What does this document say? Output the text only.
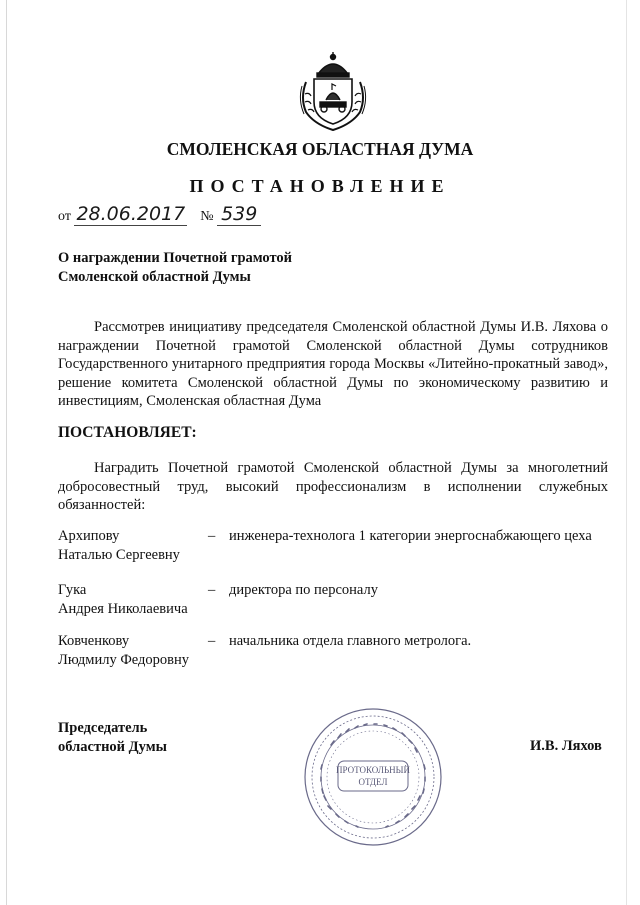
СМОЛЕНСКАЯ ОБЛАСТНАЯ ДУМА
ПОСТАНОВЛЕНИЕ
от 28.06.2017 № 539
О награждении Почетной грамотой
Смоленской областной Думы
Рассмотрев инициативу председателя Смоленской областной Думы И.В. Ляхова о награждении Почетной грамотой Смоленской областной Думы сотрудников Государственного унитарного предприятия города Москвы «Литейно-прокатный завод», решение комитета Смоленской областной Думы по экономическому развитию и инвестициям, Смоленская областная Дума
ПОСТАНОВЛЯЕТ:
Наградить Почетной грамотой Смоленской областной Думы за многолетний добросовестный труд, высокий профессионализм в исполнении служебных обязанностей:
Архипову
Наталью Сергеевну
– инженера-технолога 1 категории энергоснабжающего цеха
Гука
Андрея Николаевича
– директора по персоналу
Ковченкову
Людмилу Федоровну
– начальника отдела главного метролога.
Председатель
областной Думы
ПРОТОКОЛЬНЫЙ
ОТДЕЛ
И.В. Ляхов
